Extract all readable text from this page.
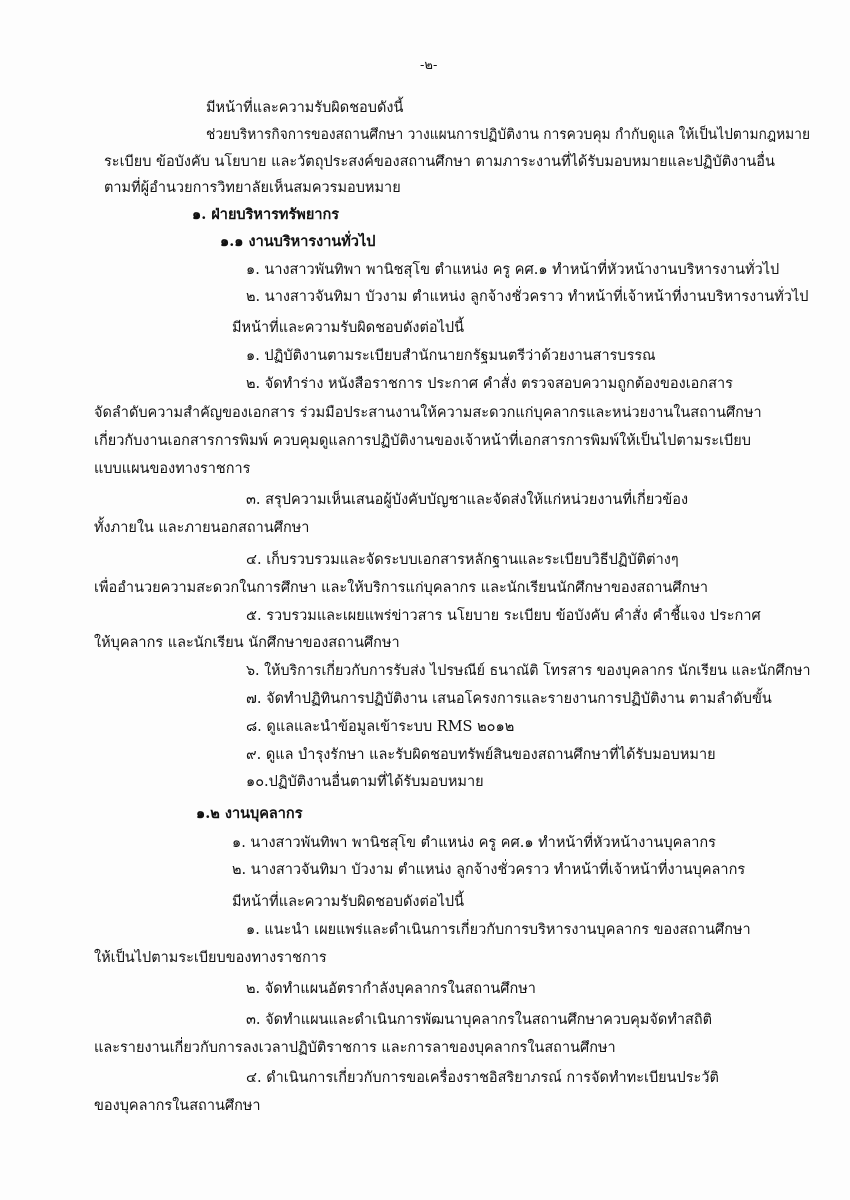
-๒-
มีหน้าที่และความรับผิดชอบดังนี้
ช่วยบริหารกิจการของสถานศึกษา วางแผนการปฏิบัติงาน การควบคุม กำกับดูแล ให้เป็นไปตามกฎหมาย
ระเบียบ ข้อบังคับ นโยบาย และวัตถุประสงค์ของสถานศึกษา ตามภาระงานที่ได้รับมอบหมายและปฏิบัติงานอื่น
ตามที่ผู้อำนวยการวิทยาลัยเห็นสมควรมอบหมาย
๑. ฝ่ายบริหารทรัพยากร
๑.๑ งานบริหารงานทั่วไป
๑. นางสาวพันทิพา พานิชสุโข ตำแหน่ง ครู คศ.๑ ทำหน้าที่หัวหน้างานบริหารงานทั่วไป
๒. นางสาวจันทิมา บัวงาม ตำแหน่ง ลูกจ้างชั่วคราว ทำหน้าที่เจ้าหน้าที่งานบริหารงานทั่วไป
มีหน้าที่และความรับผิดชอบดังต่อไปนี้
๑. ปฏิบัติงานตามระเบียบสำนักนายกรัฐมนตรีว่าด้วยงานสารบรรณ
๒. จัดทำร่าง หนังสือราชการ ประกาศ คำสั่ง ตรวจสอบความถูกต้องของเอกสาร
จัดลำดับความสำคัญของเอกสาร ร่วมมือประสานงานให้ความสะดวกแก่บุคลากรและหน่วยงานในสถานศึกษา
เกี่ยวกับงานเอกสารการพิมพ์ ควบคุมดูแลการปฏิบัติงานของเจ้าหน้าที่เอกสารการพิมพ์ให้เป็นไปตามระเบียบ
แบบแผนของทางราชการ
๓. สรุปความเห็นเสนอผู้บังคับบัญชาและจัดส่งให้แก่หน่วยงานที่เกี่ยวข้อง
ทั้งภายใน และภายนอกสถานศึกษา
๔. เก็บรวบรวมและจัดระบบเอกสารหลักฐานและระเบียบวิธีปฏิบัติต่างๆ
เพื่ออำนวยความสะดวกในการศึกษา และให้บริการแก่บุคลากร และนักเรียนนักศึกษาของสถานศึกษา
๕. รวบรวมและเผยแพร่ข่าวสาร นโยบาย ระเบียบ ข้อบังคับ คำสั่ง คำชี้แจง ประกาศ
ให้บุคลากร และนักเรียน นักศึกษาของสถานศึกษา
๖. ให้บริการเกี่ยวกับการรับส่ง ไปรษณีย์ ธนาณัติ โทรสาร ของบุคลากร นักเรียน และนักศึกษา
๗. จัดทำปฏิทินการปฏิบัติงาน เสนอโครงการและรายงานการปฏิบัติงาน ตามลำดับขั้น
๘. ดูแลและนำข้อมูลเข้าระบบ RMS ๒๐๑๒
๙. ดูแล บำรุงรักษา และรับผิดชอบทรัพย์สินของสถานศึกษาที่ได้รับมอบหมาย
๑๐.ปฏิบัติงานอื่นตามที่ได้รับมอบหมาย
๑.๒ งานบุคลากร
๑. นางสาวพันทิพา พานิชสุโข ตำแหน่ง ครู คศ.๑ ทำหน้าที่หัวหน้างานบุคลากร
๒. นางสาวจันทิมา บัวงาม ตำแหน่ง ลูกจ้างชั่วคราว ทำหน้าที่เจ้าหน้าที่งานบุคลากร
มีหน้าที่และความรับผิดชอบดังต่อไปนี้
๑. แนะนำ เผยแพร่และดำเนินการเกี่ยวกับการบริหารงานบุคลากร ของสถานศึกษา
ให้เป็นไปตามระเบียบของทางราชการ
๒. จัดทำแผนอัตรากำลังบุคลากรในสถานศึกษา
๓. จัดทำแผนและดำเนินการพัฒนาบุคลากรในสถานศึกษาควบคุมจัดทำสถิติ
และรายงานเกี่ยวกับการลงเวลาปฏิบัติราชการ และการลาของบุคลากรในสถานศึกษา
๔. ดำเนินการเกี่ยวกับการขอเครื่องราชอิสริยาภรณ์ การจัดทำทะเบียนประวัติ
ของบุคลากรในสถานศึกษา
